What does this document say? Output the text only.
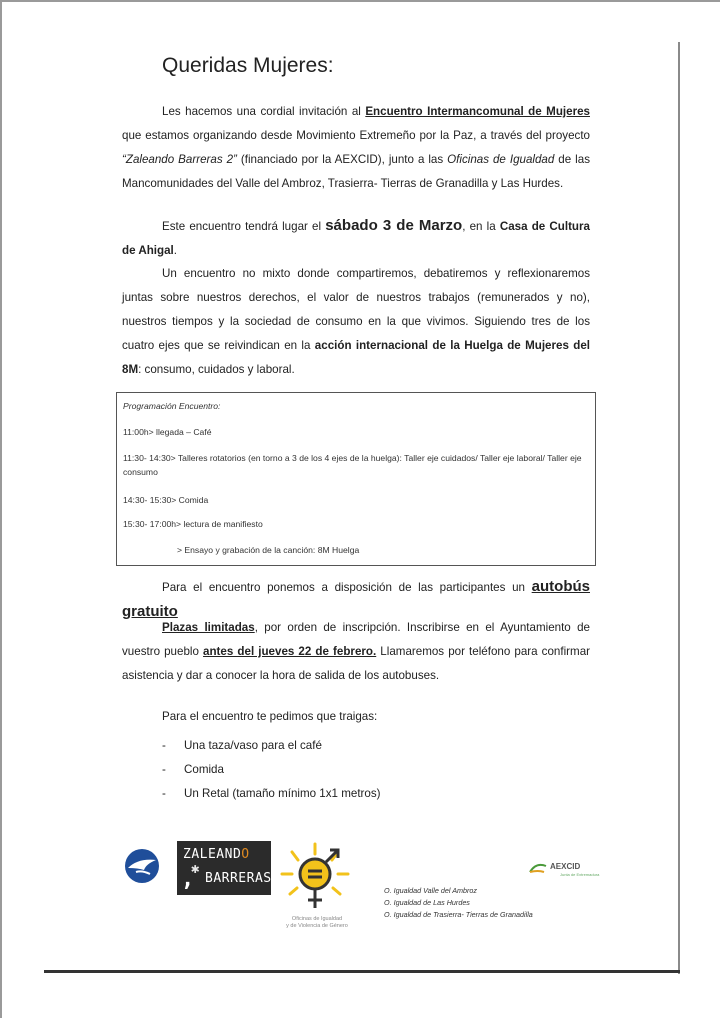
Queridas Mujeres:
Les hacemos una cordial invitación al Encuentro Intermancomunal de Mujeres que estamos organizando desde Movimiento Extremeño por la Paz, a través del proyecto “Zaleando Barreras 2” (financiado por la AEXCID), junto a las Oficinas de Igualdad de las Mancomunidades del Valle del Ambroz, Trasierra- Tierras de Granadilla y Las Hurdes.
Este encuentro tendrá lugar el sábado 3 de Marzo, en la Casa de Cultura de Ahigal.
Un encuentro no mixto donde compartiremos, debatiremos y reflexionaremos juntas sobre nuestros derechos, el valor de nuestros trabajos (remunerados y no), nuestros tiempos y la sociedad de consumo en la que vivimos. Siguiendo tres de los cuatro ejes que se reivindican en la acción internacional de la Huelga de Mujeres del 8M: consumo, cuidados y laboral.
Programación Encuentro:
11:00h> llegada – Café
11:30- 14:30> Talleres rotatorios (en torno a 3 de los 4 ejes de la huelga): Taller eje cuidados/ Taller eje laboral/ Taller eje consumo
14:30- 15:30> Comida
15:30- 17:00h> lectura de manifiesto
> Ensayo y grabación de la canción: 8M Huelga
Para el encuentro ponemos a disposición de las participantes un autobús gratuito
Plazas limitadas, por orden de inscripción. Inscribirse en el Ayuntamiento de vuestro pueblo antes del jueves 22 de febrero. Llamaremos por teléfono para confirmar asistencia y dar a conocer la hora de salida de los autobuses.
Para el encuentro te pedimos que traigas:
- Una taza/vaso para el café
- Comida
- Un Retal (tamaño mínimo 1x1 metros)
ZALEANDO
,
✱
BARRERAS
Oficinas de Igualdad
y de Violencia de Género
AEXCID
Junta de Extremadura
O. Igualdad Valle del Ambroz
O. Igualdad de Las Hurdes
O. Igualdad de Trasierra- Tierras de Granadilla
